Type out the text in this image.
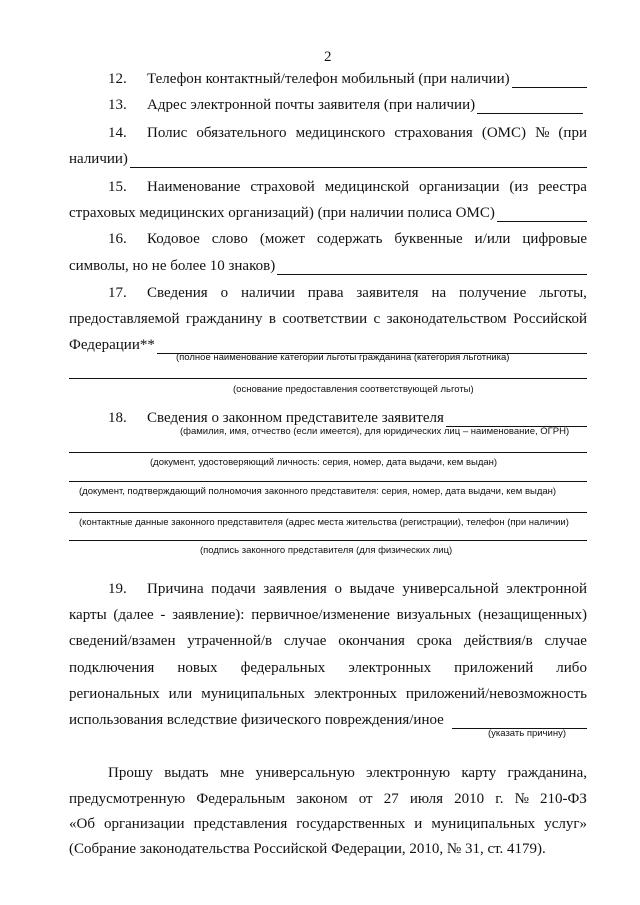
2
12. Телефон контактный/телефон мобильный (при наличии)
13. Адрес электронной почты заявителя (при наличии)
14. Полис обязательного медицинского страхования (ОМС) № (при
наличии)
15. Наименование страховой медицинской организации (из реестра
страховых медицинских организаций) (при наличии полиса ОМС)
16. Кодовое слово (может содержать буквенные и/или цифровые
символы, но не более 10 знаков)
17. Сведения о наличии права заявителя на получение льготы,
предоставляемой гражданину в соответствии с законодательством Российской
Федерации**
(полное наименование категории льготы гражданина (категория льготника)
(основание предоставления соответствующей льготы)
18. Сведения о законном представителе заявителя
(фамилия, имя, отчество (если имеется), для юридических лиц – наименование, ОГРН)
(документ, удостоверяющий личность: серия, номер, дата выдачи, кем выдан)
(документ, подтверждающий полномочия законного представителя: серия, номер, дата выдачи, кем выдан)
(контактные данные законного представителя (адрес места жительства (регистрации), телефон (при наличии)
(подпись законного представителя (для физических лиц)
19. Причина подачи заявления о выдаче универсальной электронной
карты (далее - заявление): первичное/изменение визуальных (незащищенных)
сведений/взамен утраченной/в случае окончания срока действия/в случае
подключения новых федеральных электронных приложений либо
региональных или муниципальных электронных приложений/невозможность
использования вследствие физического повреждения/иное
(указать причину)
Прошу выдать мне универсальную электронную карту гражданина,
предусмотренную Федеральным законом от 27 июля 2010 г. № 210-ФЗ
«Об организации представления государственных и муниципальных услуг»
(Собрание законодательства Российской Федерации, 2010, № 31, ст. 4179).
